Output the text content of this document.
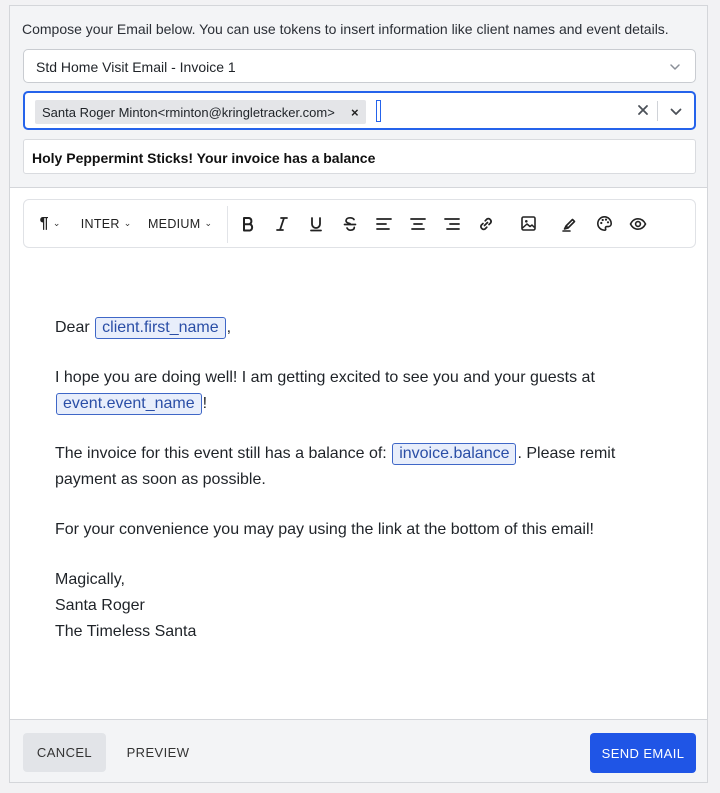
Compose your Email below. You can use tokens to insert information like client names and event details.
Std Home Visit Email - Invoice 1
Santa Roger Minton<rminton@kringletracker.com>	×
Holy Peppermint Sticks! Your invoice has a balance
¶ ⌄ INTER ⌄ MEDIUM ⌄

Dear client.first_name ,

I hope you are doing well! I am getting excited to see you and your guests at event.event_name !

The invoice for this event still has a balance of: invoice.balance . Please remit payment as soon as possible.

For your convenience you may pay using the link at the bottom of this email!

Magically,
Santa Roger
The Timeless Santa

CANCEL	PREVIEW	SEND EMAIL
